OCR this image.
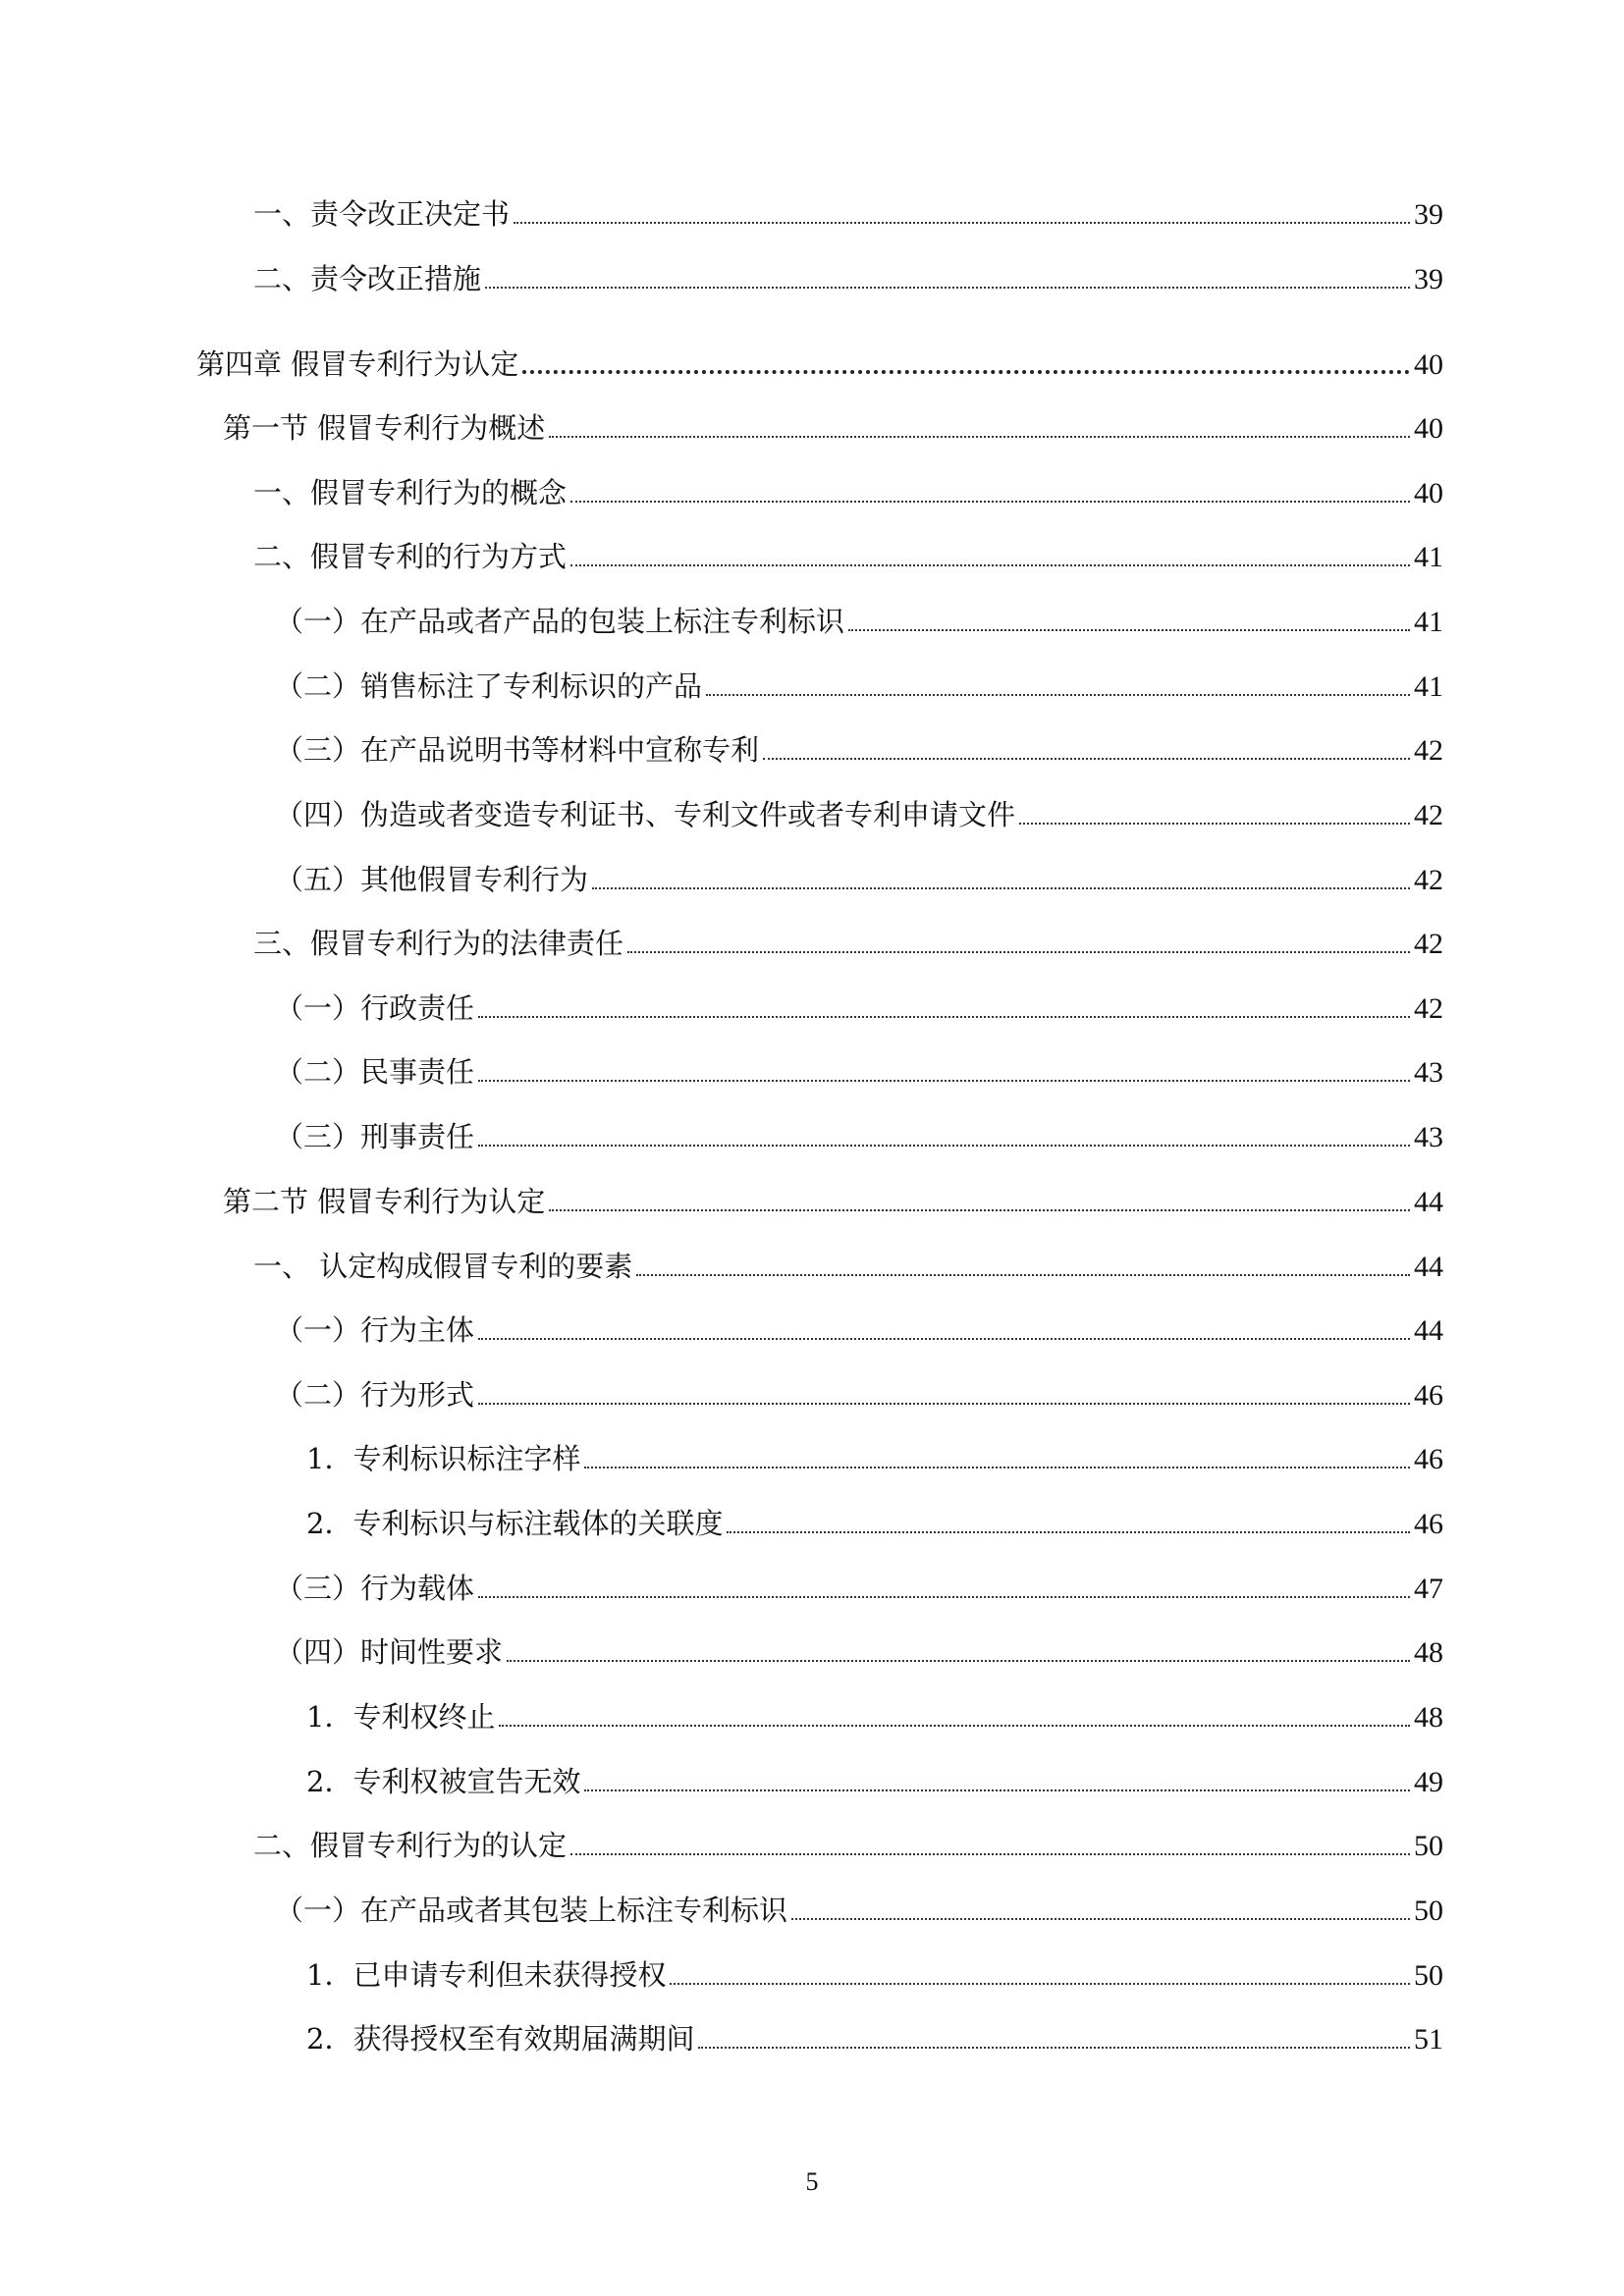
一、责令改正决定书	39
二、责令改正措施	39
第四章 假冒专利行为认定	40
第一节 假冒专利行为概述	40
一、假冒专利行为的概念	40
二、假冒专利的行为方式	41
（一）在产品或者产品的包装上标注专利标识	41
（二）销售标注了专利标识的产品	41
（三）在产品说明书等材料中宣称专利	42
（四）伪造或者变造专利证书、专利文件或者专利申请文件	42
（五）其他假冒专利行为	42
三、假冒专利行为的法律责任	42
（一）行政责任	42
（二）民事责任	43
（三）刑事责任	43
第二节 假冒专利行为认定	44
一、 认定构成假冒专利的要素	44
（一）行为主体	44
（二）行为形式	46
1．专利标识标注字样	46
2．专利标识与标注载体的关联度	46
（三）行为载体	47
（四）时间性要求	48
1．专利权终止	48
2．专利权被宣告无效	49
二、假冒专利行为的认定	50
（一）在产品或者其包装上标注专利标识	50
1．已申请专利但未获得授权	50
2．获得授权至有效期届满期间	51
5
